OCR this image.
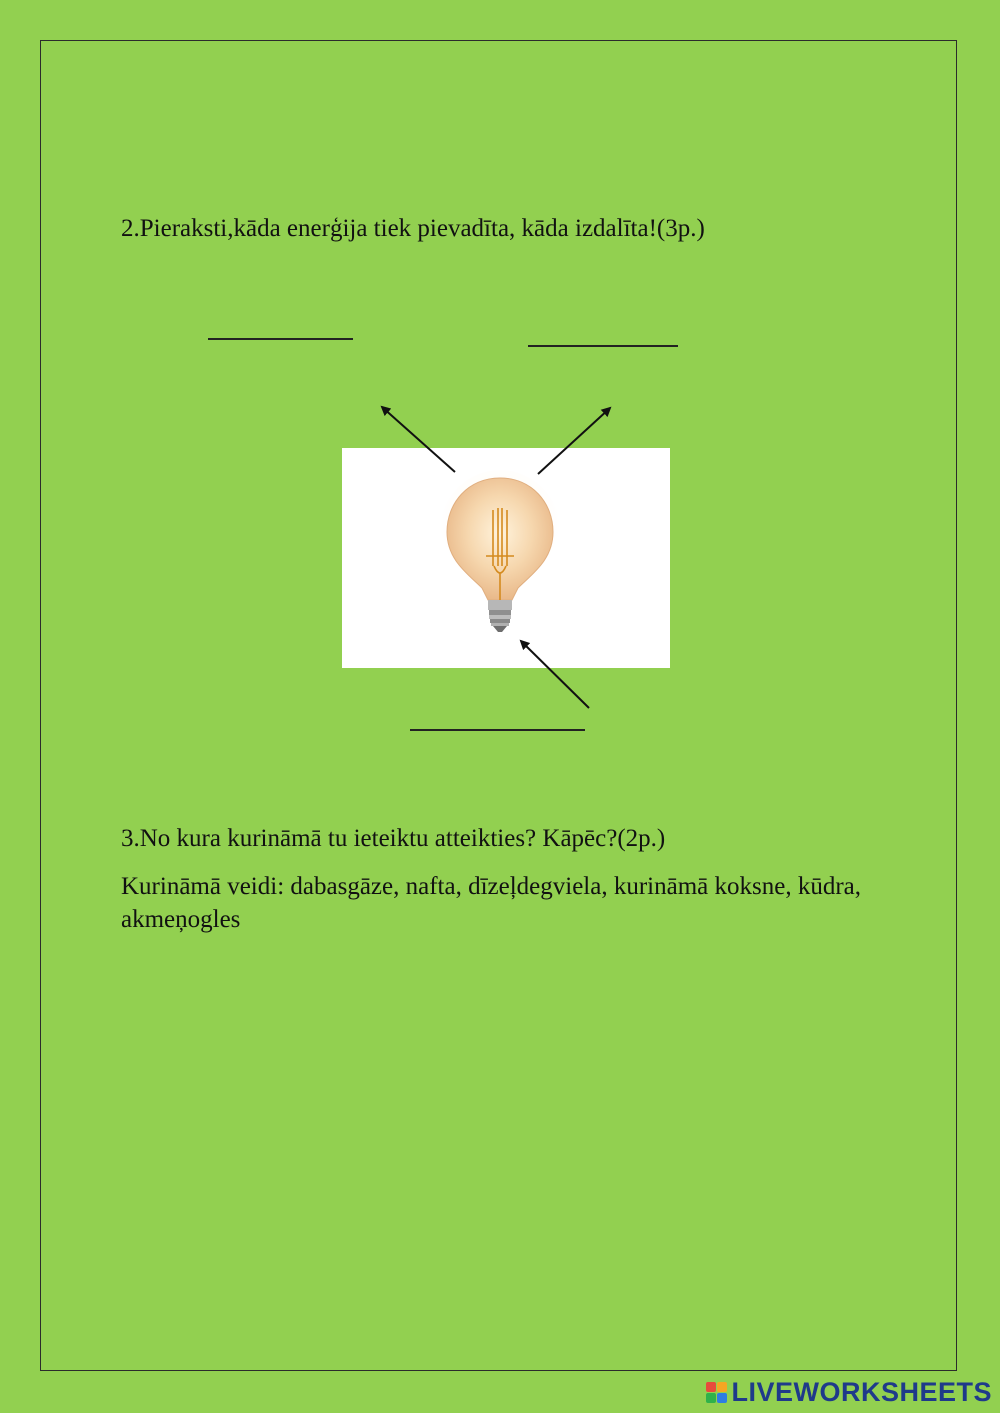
2.Pieraksti,kāda enerģija tiek pievadīta, kāda izdalīta!(3p.)
3.No kura kurināmā tu ieteiktu atteikties? Kāpēc?(2p.)
Kurināmā veidi: dabasgāze, nafta, dīzeļdegviela, kurināmā koksne, kūdra, akmeņogles
LIVEWORKSHEETS
